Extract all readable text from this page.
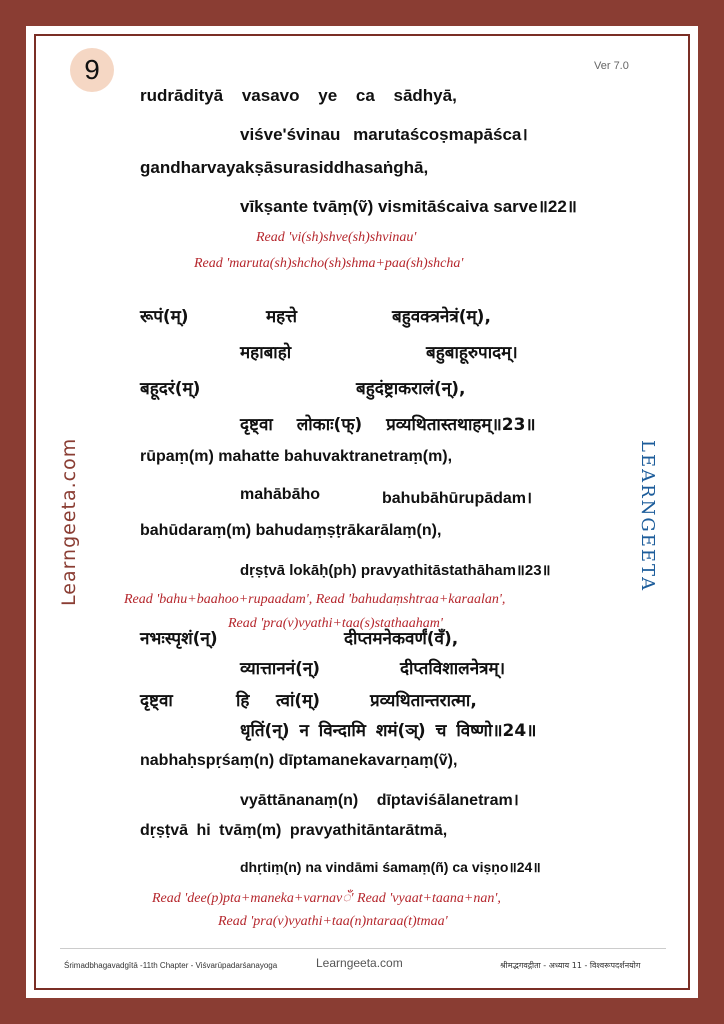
9	Ver 7.0
Learngeeta.com	LEARNGEETA
rudrādityā vasavo ye ca sādhyā,
viśve'śvinau marutaścoṣmapāśca।
gandharvayakṣāsurasiddhasaṅghā,
vīkṣante tvāṃ(ṽ) vismitāścaiva sarve॥22॥
Read 'vi(sh)shve(sh)shvinau'
Read 'maruta(sh)shcho(sh)shma+paa(sh)shcha'
रूपं(म्)	महत्ते	बहुवक्त्रनेत्रं(म्),
महाबाहो	बहुबाहूरुपादम्।
बहूदरं(म्)	बहुदंष्ट्राकरालं(न्),
दृष्ट्वा लोकाः(फ्) प्रव्यथितास्तथाहम्॥23॥
rūpaṃ(m) mahatte bahuvaktranetraṃ(m),
mahābāho	bahubāhūrupādam।
bahūdaraṃ(m) bahudaṃṣṭrākarālaṃ(n),
dṛṣṭvā lokāḥ(ph) pravyathitāstathāham॥23॥
Read 'bahu+baahoo+rupaadam', Read 'bahudaṃshtraa+karaalan',
Read 'pra(v)vyathi+taa(s)stathaaham'
नभःस्पृशं(न्)	दीप्तमनेकवर्णं(वँ),
व्यात्ताननं(न्)	दीप्तविशालनेत्रम्।
दृष्ट्वा	हि त्वां(म्)	प्रव्यथितान्तरात्मा,
धृतिं(न्) न विन्दामि शमं(ञ्) च विष्णो॥24॥
nabhaḥspṛśaṃ(n) dīptamanekavarṇaṃ(ṽ),
vyāttānanaṃ(n) dīptaviśālanetram।
dṛṣṭvā hi tvāṃ(m) pravyathitāntarātmā,
dhṛtiṃ(n) na vindāmi śamaṃ(ñ) ca viṣṇo॥24॥
Śrimadbhagavadgītā -11th Chapter - Viśvarūpadarśanayoga	Learngeeta.com	श्रीमद्भगवद्गीता - अध्याय 11 - विश्वरूपदर्शनयोग
Read 'dee(p)pta+maneka+varnavँ' Read 'vyaat+taana+nan',
Read 'pra(v)vyathi+taa(n)ntaraa(t)tmaa'
